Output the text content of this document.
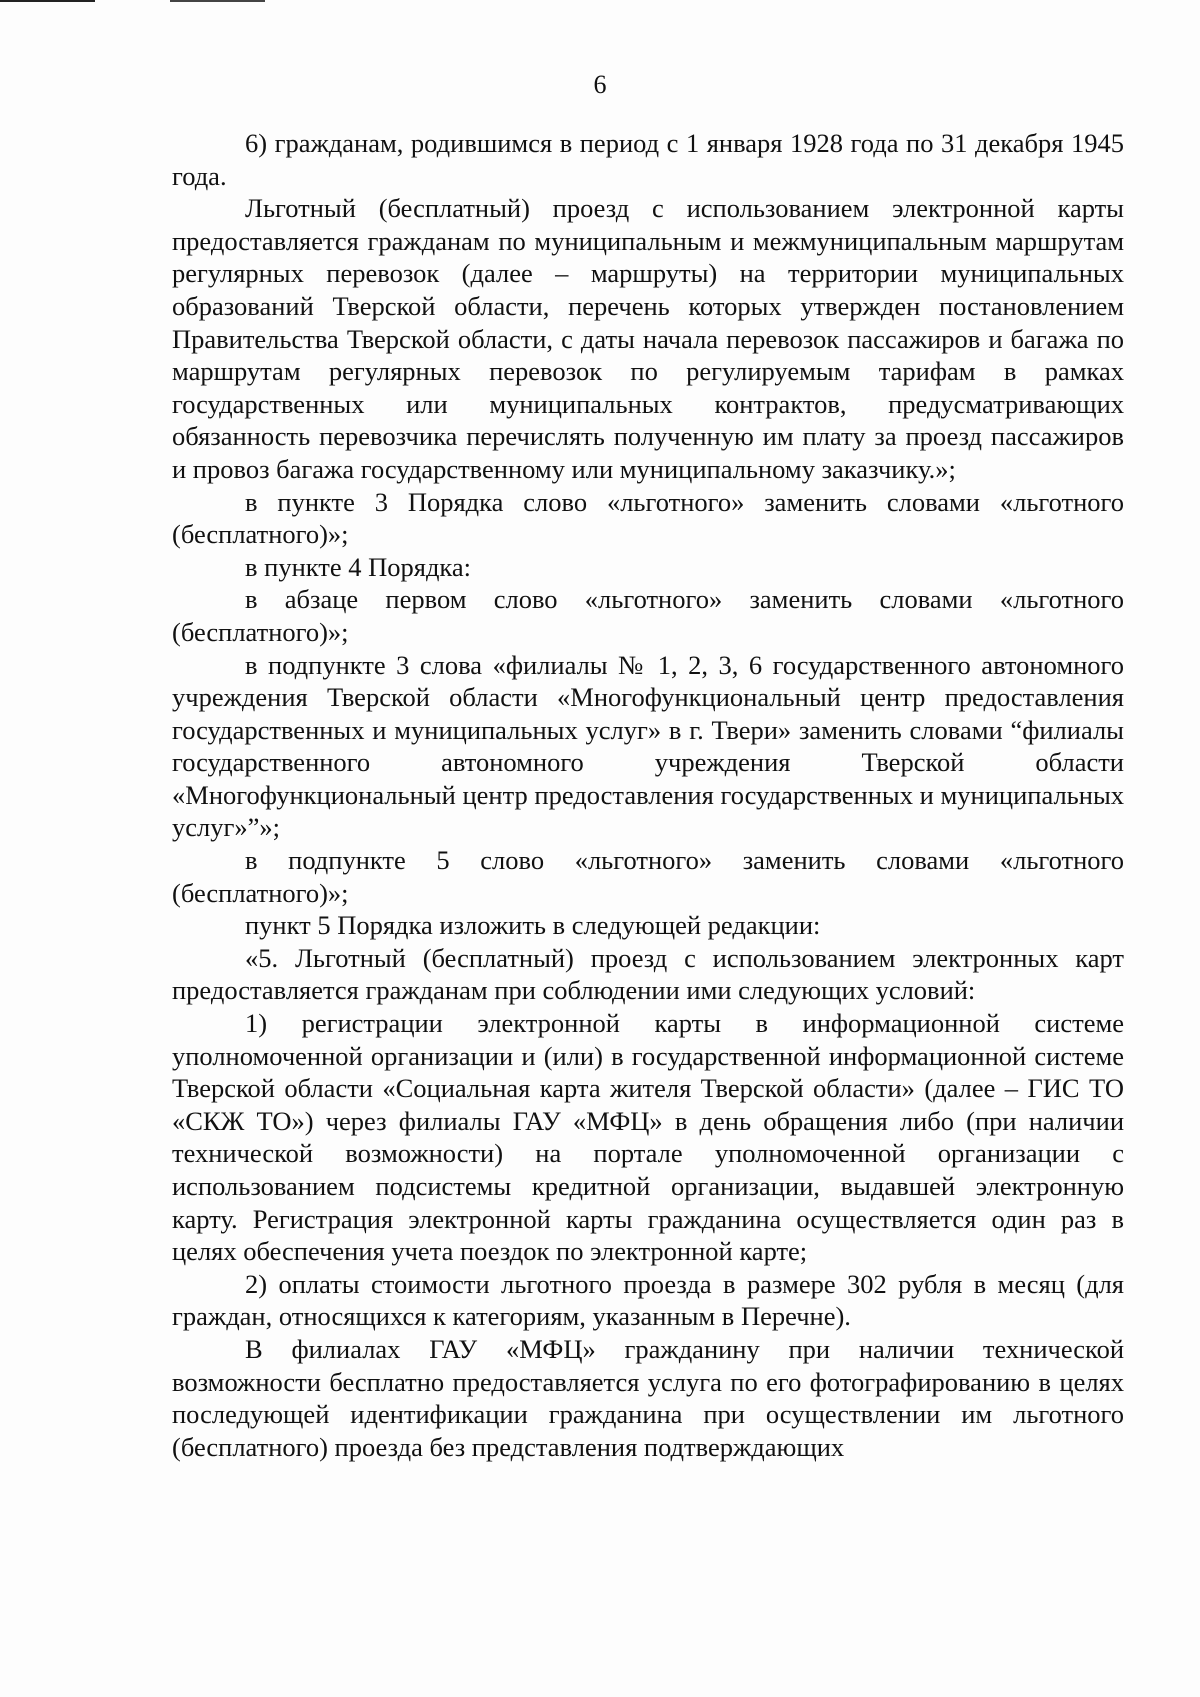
6

6) гражданам, родившимся в период с 1 января 1928 года по 31 декабря 1945 года.

Льготный (бесплатный) проезд с использованием электронной карты предоставляется гражданам по муниципальным и межмуниципальным маршрутам регулярных перевозок (далее – маршруты) на территории муниципальных образований Тверской области, перечень которых утвержден постановлением Правительства Тверской области, с даты начала перевозок пассажиров и багажа по маршрутам регулярных перевозок по регулируемым тарифам в рамках государственных или муниципальных контрактов, предусматривающих обязанность перевозчика перечислять полученную им плату за проезд пассажиров и провоз багажа государственному или муниципальному заказчику.»;

в пункте 3 Порядка слово «льготного» заменить словами «льготного (бесплатного)»;

в пункте 4 Порядка:

в абзаце первом слово «льготного» заменить словами «льготного (бесплатного)»;

в подпункте 3 слова «филиалы № 1, 2, 3, 6 государственного автономного учреждения Тверской области «Многофункциональный центр предоставления государственных и муниципальных услуг» в г. Твери» заменить словами “филиалы государственного автономного учреждения Тверской области «Многофункциональный центр предоставления государственных и муниципальных услуг»”»;

в подпункте 5 слово «льготного» заменить словами «льготного (бесплатного)»;

пункт 5 Порядка изложить в следующей редакции:

«5. Льготный (бесплатный) проезд с использованием электронных карт предоставляется гражданам при соблюдении ими следующих условий:

1) регистрации электронной карты в информационной системе уполномоченной организации и (или) в государственной информационной системе Тверской области «Социальная карта жителя Тверской области» (далее – ГИС ТО «СКЖ ТО») через филиалы ГАУ «МФЦ» в день обращения либо (при наличии технической возможности) на портале уполномоченной организации с использованием подсистемы кредитной организации, выдавшей электронную карту. Регистрация электронной карты гражданина осуществляется один раз в целях обеспечения учета поездок по электронной карте;

2) оплаты стоимости льготного проезда в размере 302 рубля в месяц (для граждан, относящихся к категориям, указанным в Перечне).

В филиалах ГАУ «МФЦ» гражданину при наличии технической возможности бесплатно предоставляется услуга по его фотографированию в целях последующей идентификации гражданина при осуществлении им льготного (бесплатного) проезда без представления подтверждающих
